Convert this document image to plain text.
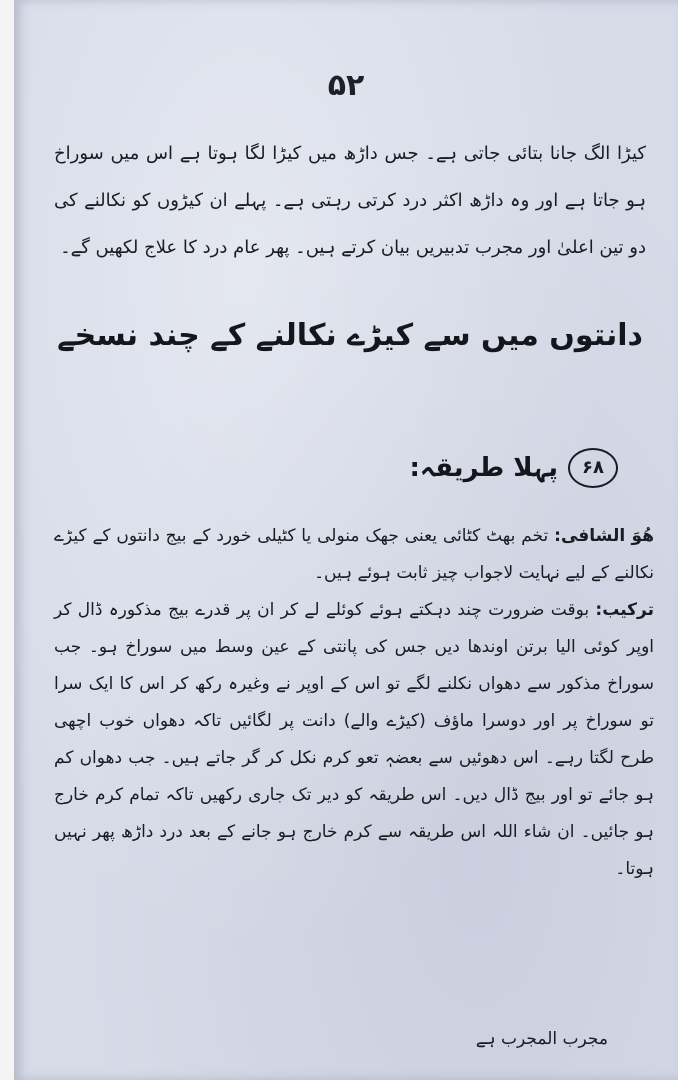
۵۲

کیڑا الگ جانا بتائی جاتی ہے۔ جس داڑھ میں کیڑا لگا ہوتا ہے اس میں سوراخ ہو جاتا ہے اور وہ داڑھ اکثر درد کرتی رہتی ہے۔ پہلے ان کیڑوں کو نکالنے کی دو تین اعلیٰ اور مجرب تدبیریں بیان کرتے ہیں۔ پھر عام درد کا علاج لکھیں گے۔

دانتوں میں سے کیڑے نکالنے کے چند نسخے
۶۸
پہلا طریقہ:

ھُوَ الشافی: تخم بھٹ کٹائی یعنی جھک منولی یا کٹیلی خورد کے بیج دانتوں کے کیڑے نکالنے کے لیے نہایت لاجواب چیز ثابت ہوئے ہیں۔

ترکیب: بوقت ضرورت چند دہکتے ہوئے کوئلے لے کر ان پر قدرے بیج مذکورہ ڈال کر اوپر کوئی الیا برتن اوندھا دیں جس کی پانتی کے عین وسط میں سوراخ ہو۔ جب سوراخ مذکور سے دھواں نکلنے لگے تو اس کے اوپر نے وغیرہ رکھ کر اس کا ایک سرا تو سوراخ پر اور دوسرا ماؤف (کیڑے والے) دانت پر لگائیں تاکہ دھواں خوب اچھی طرح لگتا رہے۔ اس دھوئیں سے بعضہٖ تعو کرم نکل کر گر جاتے ہیں۔ جب دھواں کم ہو جائے تو اور بیج ڈال دیں۔ اس طریقہ کو دیر تک جاری رکھیں تاکہ تمام کرم خارج ہو جائیں۔ ان شاء اللہ اس طریقہ سے کرم خارج ہو جانے کے بعد درد داڑھ پھر نہیں ہوتا۔

مجرب المجرب ہے
